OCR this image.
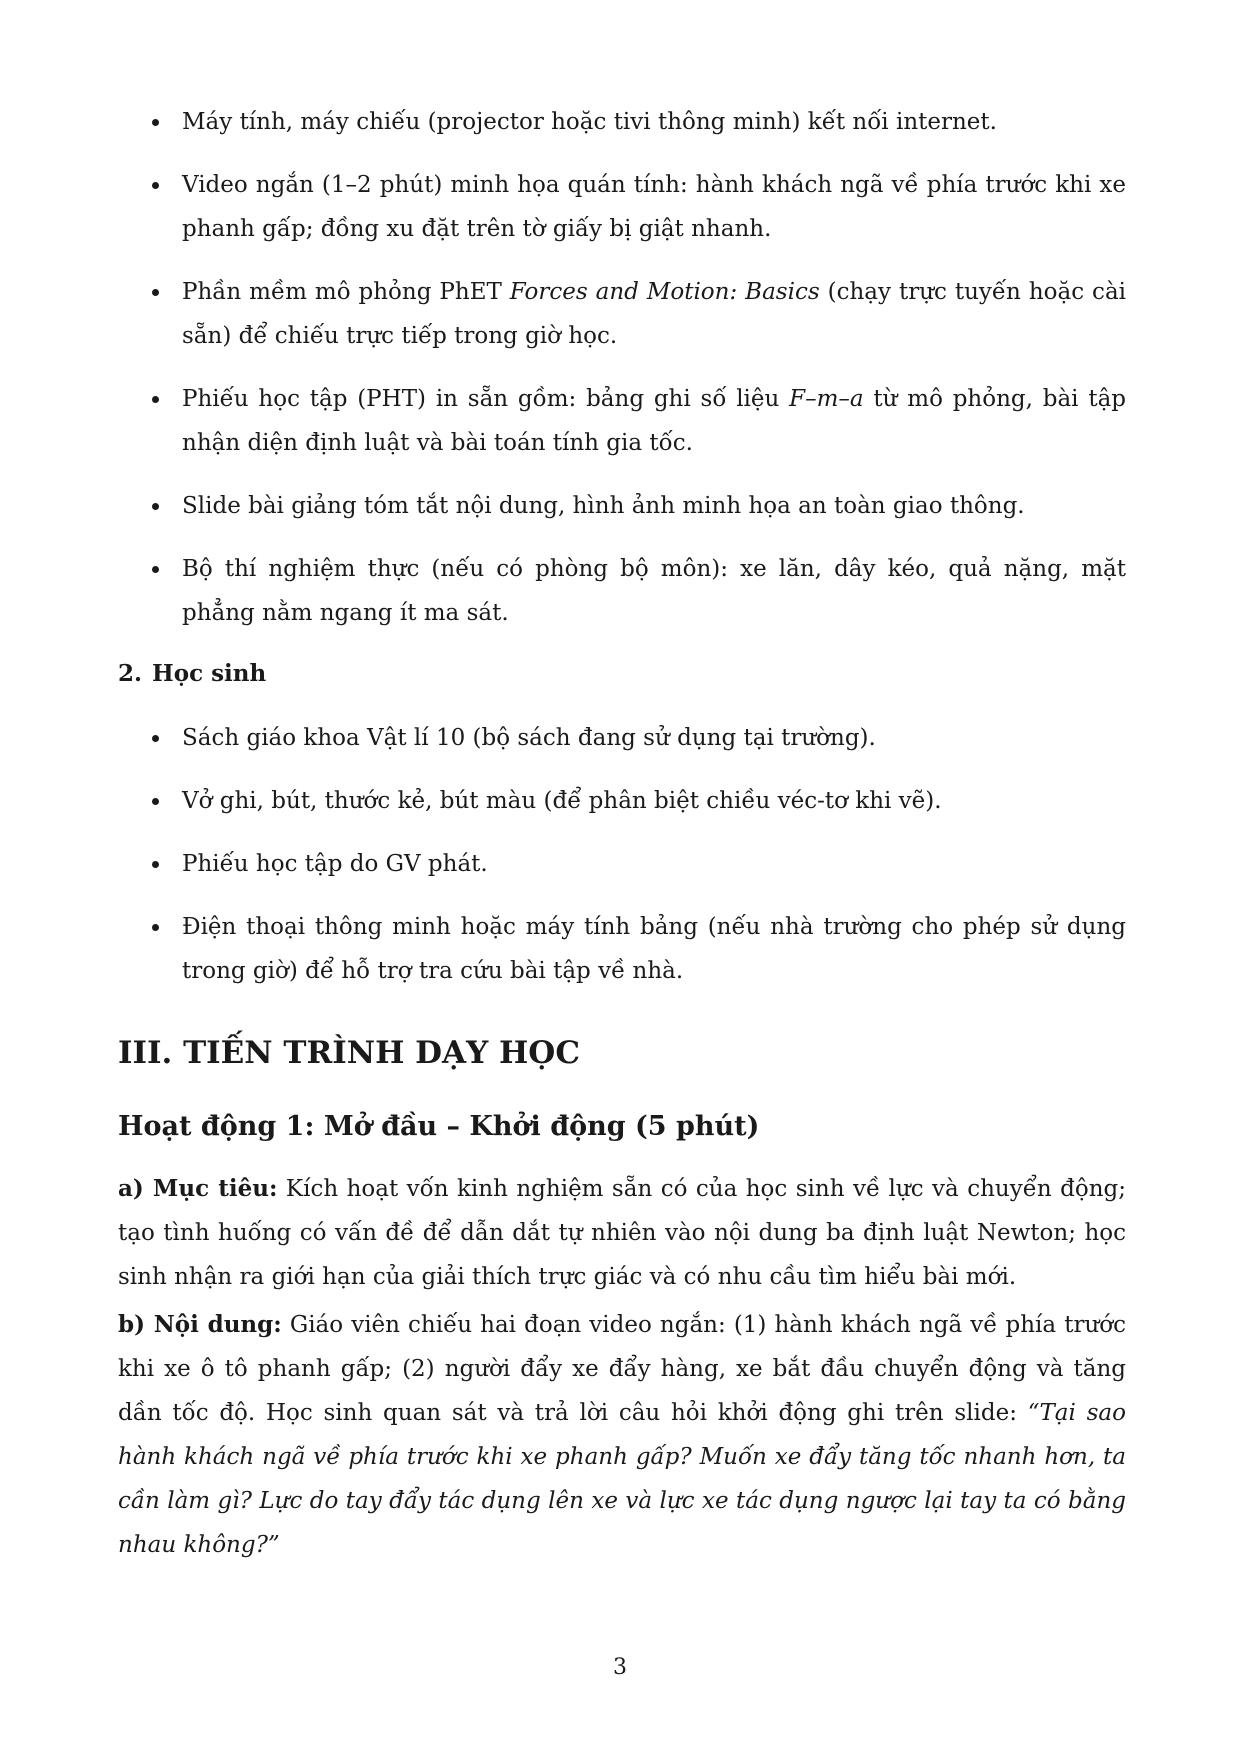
Máy tính, máy chiếu (projector hoặc tivi thông minh) kết nối internet.
Video ngắn (1–2 phút) minh họa quán tính: hành khách ngã về phía trước khi xe phanh gấp; đồng xu đặt trên tờ giấy bị giật nhanh.
Phần mềm mô phỏng PhET Forces and Motion: Basics (chạy trực tuyến hoặc cài sẵn) để chiếu trực tiếp trong giờ học.
Phiếu học tập (PHT) in sẵn gồm: bảng ghi số liệu F–m–a từ mô phỏng, bài tập nhận diện định luật và bài toán tính gia tốc.
Slide bài giảng tóm tắt nội dung, hình ảnh minh họa an toàn giao thông.
Bộ thí nghiệm thực (nếu có phòng bộ môn): xe lăn, dây kéo, quả nặng, mặt phẳng nằm ngang ít ma sát.
2. Học sinh
Sách giáo khoa Vật lí 10 (bộ sách đang sử dụng tại trường).
Vở ghi, bút, thước kẻ, bút màu (để phân biệt chiều véc-tơ khi vẽ).
Phiếu học tập do GV phát.
Điện thoại thông minh hoặc máy tính bảng (nếu nhà trường cho phép sử dụng trong giờ) để hỗ trợ tra cứu bài tập về nhà.
III. TIẾN TRÌNH DẠY HỌC
Hoạt động 1: Mở đầu – Khởi động (5 phút)

a) Mục tiêu: Kích hoạt vốn kinh nghiệm sẵn có của học sinh về lực và chuyển động; tạo tình huống có vấn đề để dẫn dắt tự nhiên vào nội dung ba định luật Newton; học sinh nhận ra giới hạn của giải thích trực giác và có nhu cầu tìm hiểu bài mới.

b) Nội dung: Giáo viên chiếu hai đoạn video ngắn: (1) hành khách ngã về phía trước khi xe ô tô phanh gấp; (2) người đẩy xe đẩy hàng, xe bắt đầu chuyển động và tăng dần tốc độ. Học sinh quan sát và trả lời câu hỏi khởi động ghi trên slide: “Tại sao hành khách ngã về phía trước khi xe phanh gấp? Muốn xe đẩy tăng tốc nhanh hơn, ta cần làm gì? Lực do tay đẩy tác dụng lên xe và lực xe tác dụng ngược lại tay ta có bằng nhau không?”

3
